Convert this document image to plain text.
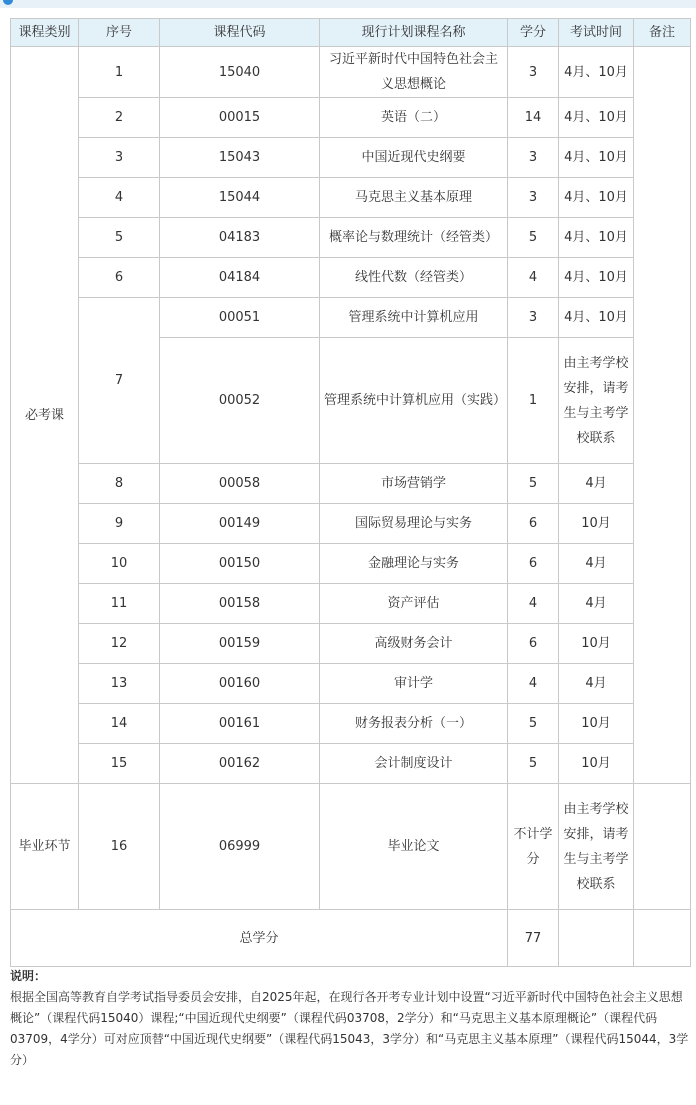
课程类别	序号	课程代码	现行计划课程名称	学分	考试时间	备注
必考课	1	15040	习近平新时代中国特色社会主义思想概论	3	4月、10月	
	2	00015	英语（二）	14	4月、10月	
	3	15043	中国近现代史纲要	3	4月、10月	
	4	15044	马克思主义基本原理	3	4月、10月	
	5	04183	概率论与数理统计（经管类）	5	4月、10月	
	6	04184	线性代数（经管类）	4	4月、10月	
	7	00051	管理系统中计算机应用	3	4月、10月	
		00052	管理系统中计算机应用（实践）	1	由主考学校安排，请考生与主考学校联系	
	8	00058	市场营销学	5	4月	
	9	00149	国际贸易理论与实务	6	10月	
	10	00150	金融理论与实务	6	4月	
	11	00158	资产评估	4	4月	
	12	00159	高级财务会计	6	10月	
	13	00160	审计学	4	4月	
	14	00161	财务报表分析（一）	5	10月	
	15	00162	会计制度设计	5	10月	
毕业环节	16	06999	毕业论文	不计学分	由主考学校安排，请考生与主考学校联系	
总学分				77		
说明：
根据全国高等教育自学考试指导委员会安排，自2025年起，在现行各开考专业计划中设置“习近平新时代中国特色社会主义思想概论”（课程代码15040）课程;“中国近现代史纲要”（课程代码03708，2学分）和“马克思主义基本原理概论”（课程代码03709，4学分）可对应顶替“中国近现代史纲要”（课程代码15043，3学分）和“马克思主义基本原理”（课程代码15044，3学分）
